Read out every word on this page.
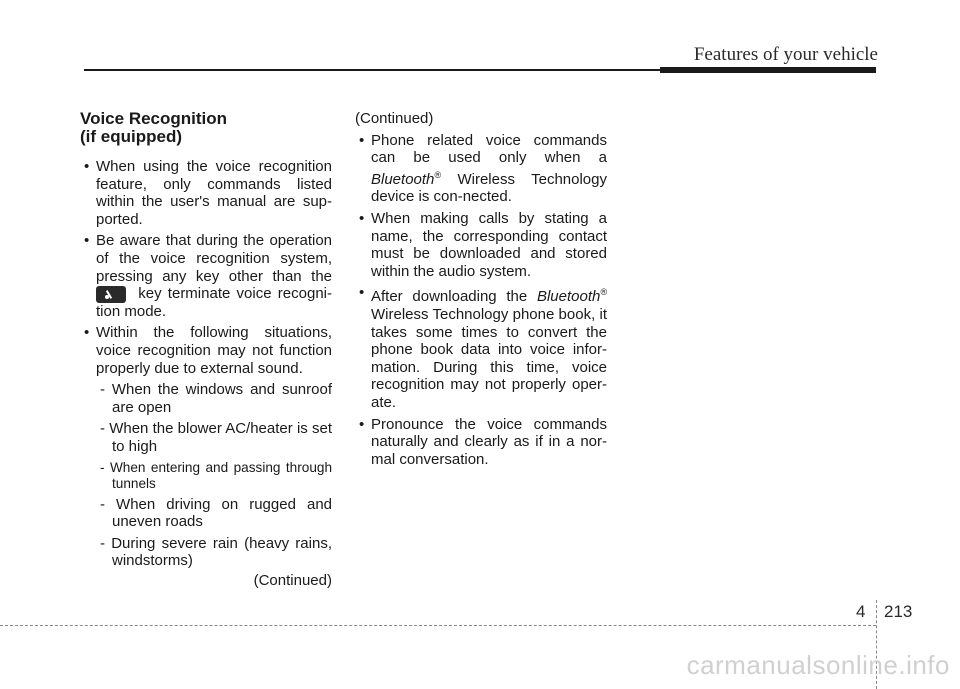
Features of your vehicle
Voice Recognition
(if equipped)
• When using the voice recognition feature, only commands listed within the user's manual are sup-ported.
• Be aware that during the operation of the voice recognition system, pressing any key other than the  key terminate voice recogni-tion mode.
• Within the following situations, voice recognition may not function properly due to external sound.
- When the windows and sunroof are open
- When the blower AC/heater is set to high
- When entering and passing through tunnels
- When driving on rugged and uneven roads
- During severe rain (heavy rains, windstorms)
(Continued)
(Continued)
• Phone related voice commands can be used only when a Bluetooth® Wireless Technology device is con-nected.
• When making calls by stating a name, the corresponding contact must be downloaded and stored within the audio system.
• After downloading the Bluetooth® Wireless Technology phone book, it takes some times to convert the phone book data into voice infor-mation. During this time, voice recognition may not properly oper-ate.
• Pronounce the voice commands naturally and clearly as if in a nor-mal conversation.
4 213
carmanualsonline.info
